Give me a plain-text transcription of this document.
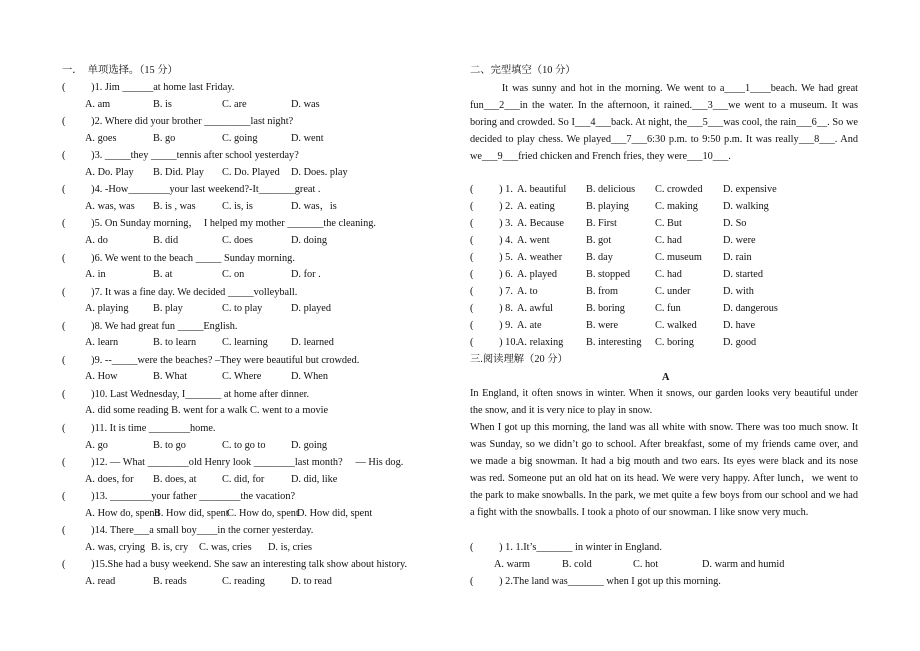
一．  单项选择。（15 分）
(          )1. Jim ______at home last Friday.
A. am	B. is	C. are	D. was
(          )2. Where did your brother _________last night?
A. goes	B. go	C. going	D. went
(          )3. _____they _____tennis after school yesterday?
A. Do. Play B. Did. Play C. Do. Played D. Does. play
(          )4. -How________your last weekend?-It_______great .
A. was, was B. is , was	C. is, is	D. was，is
(          )5. On Sunday morning，  I helped my mother _______the cleaning.
A. do	B. did	C. does	D. doing
(          )6. We went to the beach _____ Sunday morning.
A. in	B. at	C. on	D. for .
(          )7. It was a fine day. We decided _____volleyball.
A. playing B. play	C. to play	D. played
(          )8. We had great fun _____English.
A. learn	B. to learn	C. learning D. learned
(          )9. --_____were the beaches? –They were beautiful but crowded.
A. How	B. What	C. Where	D. When
(          )10. Last Wednesday, I_______ at home after dinner.
A. did some reading B. went for a walk C. went to a movie
(          )11. It is time ________home.
A. go	B. to go	C. to go to D. going
(          )12. — What ________old Henry look ________last month?     — His dog.
A. does, for B. does, at C. did, for	D. did, like
(          )13. ________your father ________the vacation?
A. How do, spend
B. How did, spent
C. How do, spent
D. How did, spent
(          )14. There___a small boy____in the corner yesterday.
A. was, crying B. is, cry C. was, cries D. is, cries
(          )15.She had a busy weekend. She saw an interesting talk show about history.
A. read	B. reads	C. reading	D. to read
二、完型填空（10 分）
It was sunny and hot in the morning. We went to a____1____beach. We had great fun___2___in the water. In the afternoon, it rained.___3___we went to a museum. It was boring and crowded. So I___4___back. At night, the___5___was cool, the rain___6__. So we decided to play chess. We played___7___6:30 p.m. to 9:50 p.m. It was really___8___. And we___9___fried chicken and French fries, they were___10___.
(          ) 1. A. beautiful B. delicious C. crowded D. expensive
(          ) 2. A. eating	B. playing	C. making D. walking
(          ) 3. A. Because B. First	C. But	D. So
(          ) 4. A. went	B. got	C. had	D. were
(          ) 5. A. weather B. day	C. museum D. rain
(          ) 6. A. played	B. stopped C. had	D. started
(          ) 7. A. to	B. from	C. under	D. with
(          ) 8. A. awful	B. boring	C. fun	D. dangerous
(          ) 9. A. ate	B. were	C. walked	D. have
(          ) 10.
A. relaxing B. interesting C. boring	D. good
三.阅读理解（20 分）
A
In England, it often snows in winter. When it snows, our garden looks very beautiful under the snow, and it is very nice to play in snow.
When I got up this morning, the land was all white with snow. There was too much snow. It was Sunday, so we didn’t go to school. After breakfast, some of my friends came over, and we made a big snowman. It had a big mouth and two ears. Its eyes were black and its nose was red. Someone put an old hat on its head. We were very happy. After lunch，we went to the park to make snowballs. In the park, we met quite a few boys from our school and we had a fight with the snowballs. I took a photo of our snowman. I like snow very much.
(          ) 1. 1.It’s_______ in winter in England.
A. warm	B. cold	C. hot	D. warm and humid
(          ) 2.The land was_______ when I got up this morning.
